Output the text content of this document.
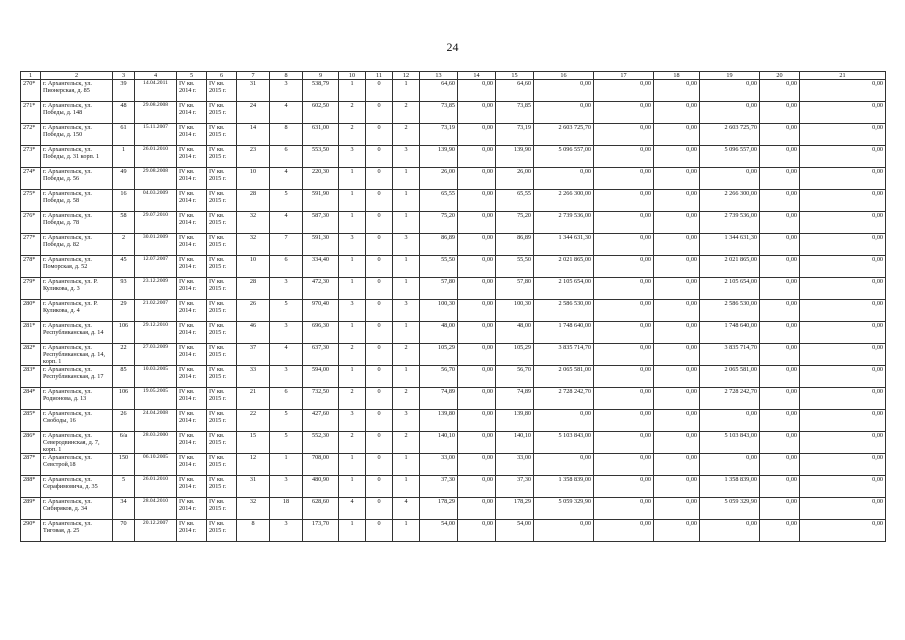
24
1	2	3	4	5	6	7	8	9	10	11	12	13	14	15	16	17	18	19	20	21
270*	г. Архангельск, ул. Пионерская, д. 85	39	14.04.2011	IV кв. 2014 г.	IV кв. 2015 г.	31	3	538,79	1	0	1	64,60	0,00	64,60	0,00	0,00	0,00	0,00	0,00	0,00
271*	г. Архангельск, ул. Победы, д. 148	48	29.08.2008	IV кв. 2014 г.	IV кв. 2015 г.	24	4	602,50	2	0	2	73,85	0,00	73,85	0,00	0,00	0,00	0,00	0,00	0,00
272*	г. Архангельск, ул. Победы, д. 150	61	15.11.2007	IV кв. 2014 г.	IV кв. 2015 г.	14	8	631,00	2	0	2	73,19	0,00	73,19	2 603 725,70	0,00	0,00	2 603 725,70	0,00	0,00
273*	г. Архангельск, ул. Победы, д. 31 корп. 1	1	26.01.2010	IV кв. 2014 г.	IV кв. 2015 г.	23	6	553,50	3	0	3	139,90	0,00	139,90	5 096 557,00	0,00	0,00	5 096 557,00	0,00	0,00
274*	г. Архангельск, ул. Победы, д. 56	49	29.08.2008	IV кв. 2014 г.	IV кв. 2015 г.	10	4	220,30	1	0	1	26,00	0,00	26,00	0,00	0,00	0,00	0,00	0,00	0,00
275*	г. Архангельск, ул. Победы, д. 58	16	04.03.2009	IV кв. 2014 г.	IV кв. 2015 г.	28	5	591,90	1	0	1	65,55	0,00	65,55	2 266 300,00	0,00	0,00	2 266 300,00	0,00	0,00
276*	г. Архангельск, ул. Победы, д. 78	58	29.07.2010	IV кв. 2014 г.	IV кв. 2015 г.	32	4	587,30	1	0	1	75,20	0,00	75,20	2 739 536,00	0,00	0,00	2 739 536,00	0,00	0,00
277*	г. Архангельск, ул. Победы, д. 82	2	30.01.2009	IV кв. 2014 г.	IV кв. 2015 г.	32	7	591,30	3	0	3	86,89	0,00	86,89	1 344 631,30	0,00	0,00	1 344 631,30	0,00	0,00
278*	г. Архангельск, ул. Поморская, д. 52	45	12.07.2007	IV кв. 2014 г.	IV кв. 2015 г.	10	6	334,40	1	0	1	55,50	0,00	55,50	2 021 865,00	0,00	0,00	2 021 865,00	0,00	0,00
279*	г. Архангельск, ул. Р. Куликова, д. 3	93	23.12.2009	IV кв. 2014 г.	IV кв. 2015 г.	28	3	472,30	1	0	1	57,80	0,00	57,80	2 105 654,00	0,00	0,00	2 105 654,00	0,00	0,00
280*	г. Архангельск, ул. Р. Куликова, д. 4	29	21.02.2007	IV кв. 2014 г.	IV кв. 2015 г.	26	5	970,40	3	0	3	100,30	0,00	100,30	2 586 530,00	0,00	0,00	2 586 530,00	0,00	0,00
281*	г. Архангельск, ул. Республиканская, д. 14	106	29.12.2010	IV кв. 2014 г.	IV кв. 2015 г.	46	3	696,30	1	0	1	48,00	0,00	48,00	1 748 640,00	0,00	0,00	1 748 640,00	0,00	0,00
282*	г. Архангельск, ул. Республиканская, д. 14, корп. 1	22	27.03.2009	IV кв. 2014 г.	IV кв. 2015 г.	37	4	637,30	2	0	2	105,29	0,00	105,29	3 835 714,70	0,00	0,00	3 835 714,70	0,00	0,00
283*	г. Архангельск, ул. Республиканская, д. 17	85	10.03.2005	IV кв. 2014 г.	IV кв. 2015 г.	33	3	594,00	1	0	1	56,70	0,00	56,70	2 065 581,00	0,00	0,00	2 065 581,00	0,00	0,00
284*	г. Архангельск, ул. Родионова, д. 13	106	19.05.2005	IV кв. 2014 г.	IV кв. 2015 г.	21	6	732,50	2	0	2	74,89	0,00	74,89	2 728 242,70	0,00	0,00	2 728 242,70	0,00	0,00
285*	г. Архангельск, ул. Свободы, 16	26	24.04.2008	IV кв. 2014 г.	IV кв. 2015 г.	22	5	427,60	3	0	3	139,80	0,00	139,80	0,00	0,00	0,00	0,00	0,00	0,00
286*	г. Архангельск, ул. Северодвинская, д. 7, корп. 1	6/a	28.03.2000	IV кв. 2014 г.	IV кв. 2015 г.	15	5	552,30	2	0	2	140,10	0,00	140,10	5 103 843,00	0,00	0,00	5 103 843,00	0,00	0,00
287*	г. Архангельск, ул. Севстрой,18	150	06.10.2005	IV кв. 2014 г.	IV кв. 2015 г.	12	1	708,00	1	0	1	33,00	0,00	33,00	0,00	0,00	0,00	0,00	0,00	0,00
288*	г. Архангельск, ул. Серафимовича, д. 35	5	26.01.2010	IV кв. 2014 г.	IV кв. 2015 г.	31	3	480,90	1	0	1	37,30	0,00	37,30	1 358 839,00	0,00	0,00	1 358 839,00	0,00	0,00
289*	г. Архангельск, ул. Сибиряков, д. 34	34	28.04.2010	IV кв. 2014 г.	IV кв. 2015 г.	32	18	628,60	4	0	4	178,29	0,00	178,29	5 059 329,90	0,00	0,00	5 059 329,90	0,00	0,00
290*	г. Архангельск, ул. Тиговая, д. 25	70	20.12.2007	IV кв. 2014 г.	IV кв. 2015 г.	8	3	173,70	1	0	1	54,00	0,00	54,00	0,00	0,00	0,00	0,00	0,00	0,00
